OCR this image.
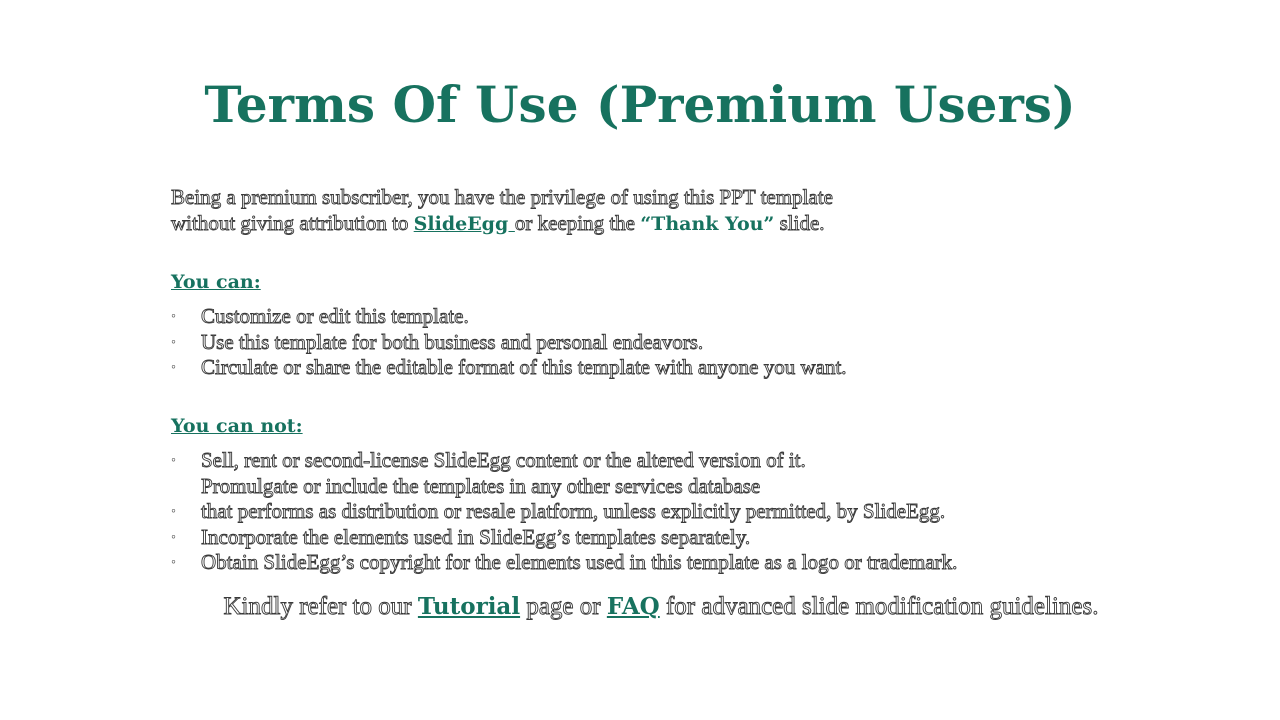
Terms Of Use (Premium Users)
Being a premium subscriber, you have the privilege of using this PPT template
without giving attribution to SlideEgg or keeping the “Thank You” slide.
You can:
◦	Customize or edit this template.
◦	Use this template for both business and personal endeavors.
◦	Circulate or share the editable format of this template with anyone you want.
You can not:
◦	Sell, rent or second-license SlideEgg content or the altered version of it.
Promulgate or include the templates in any other services database
◦	that performs as distribution or resale platform, unless explicitly permitted, by SlideEgg.
◦	Incorporate the elements used in SlideEgg’s templates separately.
◦	Obtain SlideEgg’s copyright for the elements used in this template as a logo or trademark.
Kindly refer to our Tutorial page or FAQ for advanced slide modification guidelines.
